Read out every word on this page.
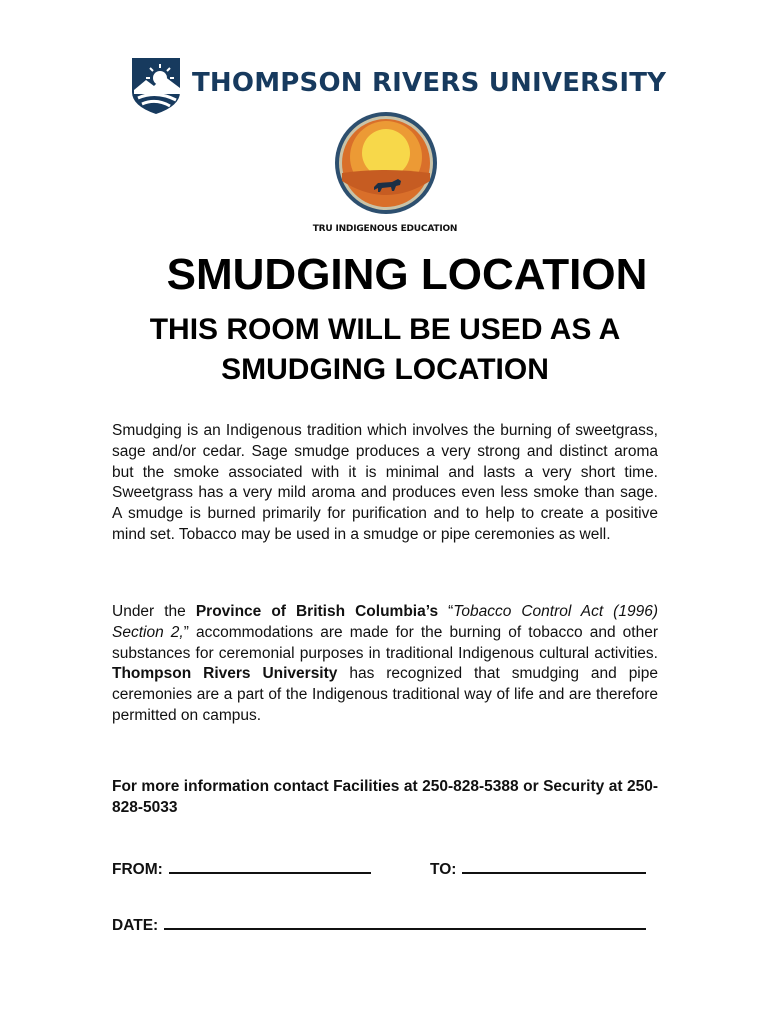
THOMPSON RIVERS UNIVERSITY
TRU INDIGENOUS EDUCATION
SMUDGING LOCATION
THIS ROOM WILL BE USED AS A
SMUDGING LOCATION
Smudging is an Indigenous tradition which involves the burning of sweetgrass, sage and/or cedar. Sage smudge produces a very strong and distinct aroma but the smoke associated with it is minimal and lasts a very short time. Sweetgrass has a very mild aroma and produces even less smoke than sage. A smudge is burned primarily for purification and to help to create a positive mind set. Tobacco may be used in a smudge or pipe ceremonies as well.
Under the Province of British Columbia’s “Tobacco Control Act (1996) Section 2,” accommodations are made for the burning of tobacco and other substances for ceremonial purposes in traditional Indigenous cultural activities. Thompson Rivers University has recognized that smudging and pipe ceremonies are a part of the Indigenous traditional way of life and are therefore permitted on campus.
For more information contact Facilities at 250-828-5388 or Security at 250-828-5033
FROM:	TO:
DATE:
